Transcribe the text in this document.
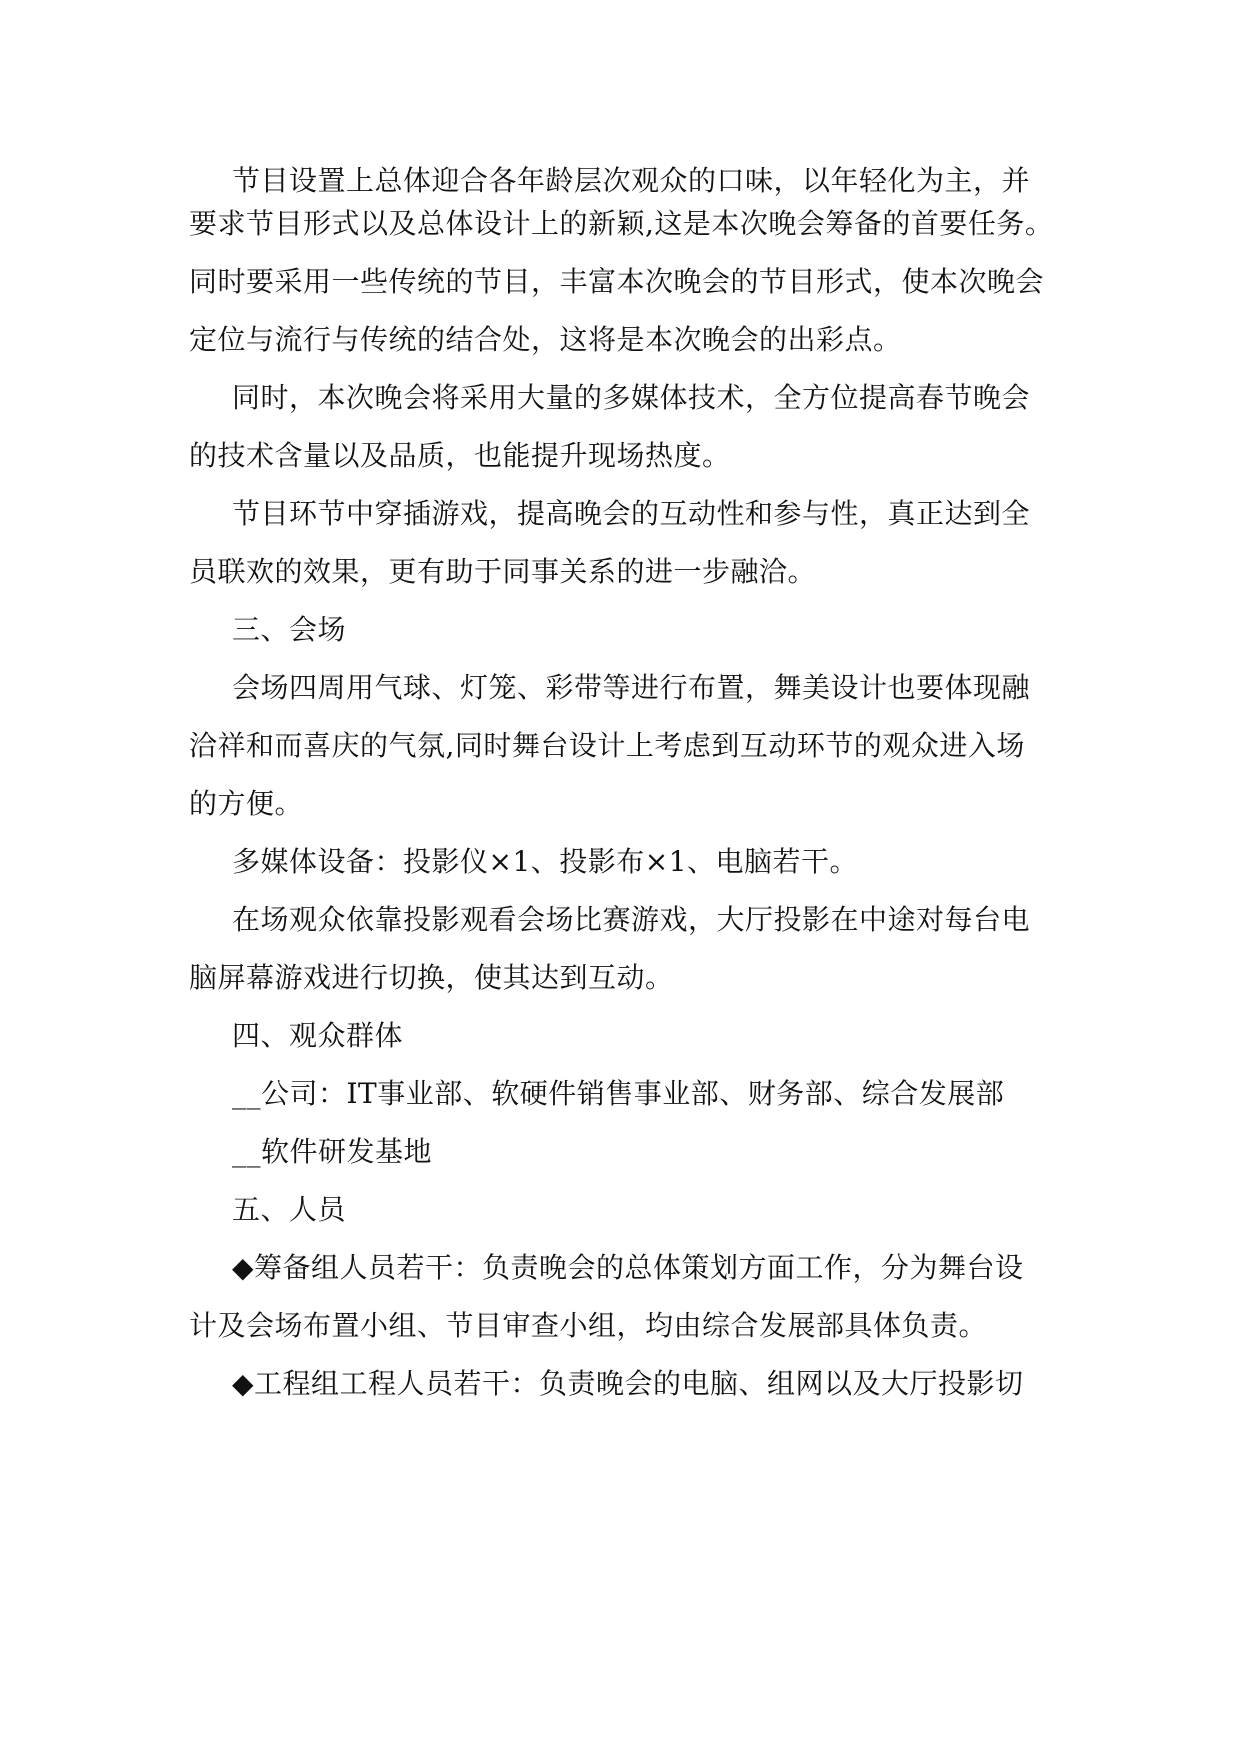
节目设置上总体迎合各年龄层次观众的口味，以年轻化为主，并
要求节目形式以及总体设计上的新颖,这是本次晚会筹备的首要任务。
同时要采用一些传统的节目，丰富本次晚会的节目形式，使本次晚会
定位与流行与传统的结合处，这将是本次晚会的出彩点。
同时，本次晚会将采用大量的多媒体技术，全方位提高春节晚会
的技术含量以及品质，也能提升现场热度。
节目环节中穿插游戏，提高晚会的互动性和参与性，真正达到全
员联欢的效果，更有助于同事关系的进一步融洽。
三、会场
会场四周用气球、灯笼、彩带等进行布置，舞美设计也要体现融
洽祥和而喜庆的气氛,同时舞台设计上考虑到互动环节的观众进入场
的方便。
多媒体设备：投影仪×1、投影布×1、电脑若干。
在场观众依靠投影观看会场比赛游戏，大厅投影在中途对每台电
脑屏幕游戏进行切换，使其达到互动。
四、观众群体
__公司：IT事业部、软硬件销售事业部、财务部、综合发展部
__软件研发基地
五、人员
◆筹备组人员若干：负责晚会的总体策划方面工作，分为舞台设
计及会场布置小组、节目审查小组，均由综合发展部具体负责。
◆工程组工程人员若干：负责晚会的电脑、组网以及大厅投影切
